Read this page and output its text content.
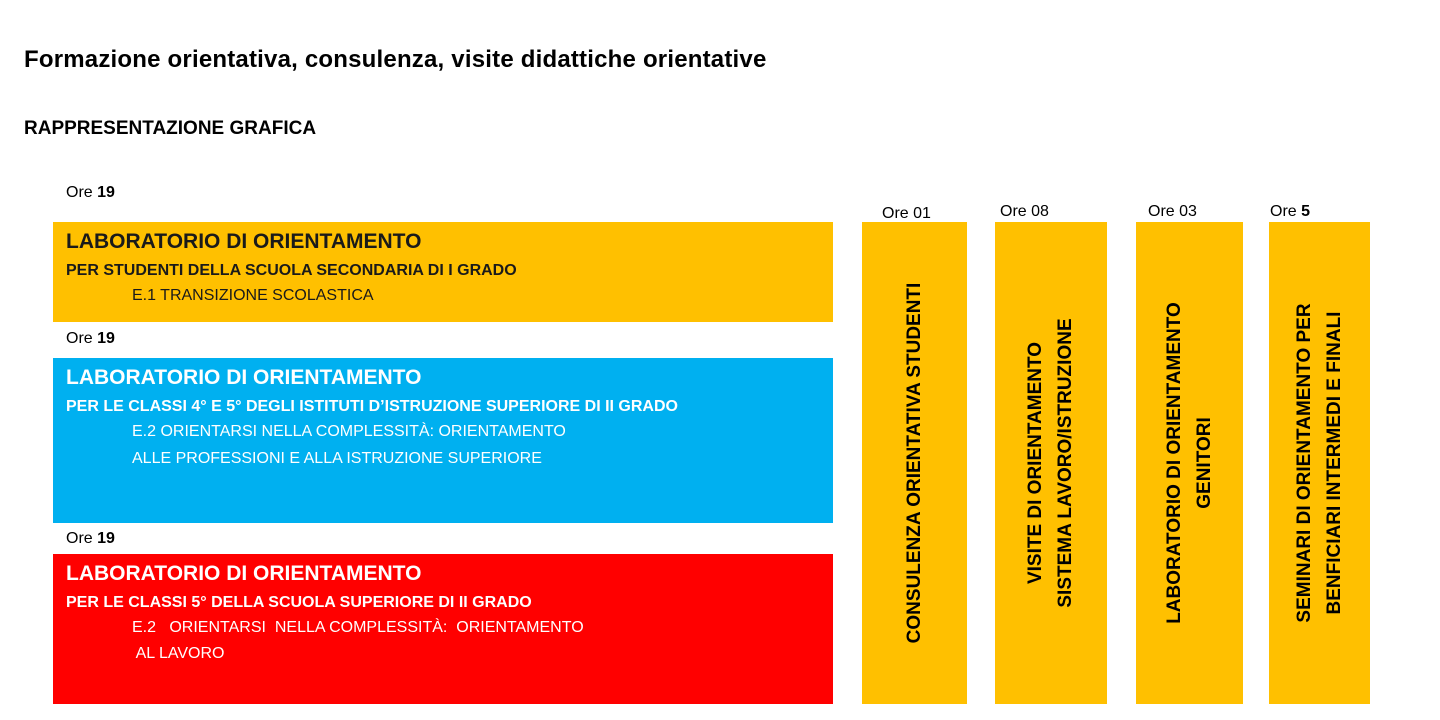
Formazione orientativa, consulenza, visite didattiche orientative
RAPPRESENTAZIONE GRAFICA
Ore 19
LABORATORIO DI ORIENTAMENTO
PER STUDENTI DELLA SCUOLA SECONDARIA DI I GRADO
E.1 TRANSIZIONE SCOLASTICA
Ore 19
LABORATORIO DI ORIENTAMENTO
PER LE CLASSI 4° E 5° DEGLI ISTITUTI D’ISTRUZIONE SUPERIORE DI II GRADO
E.2 ORIENTARSI NELLA COMPLESSITÀ: ORIENTAMENTO
ALLE PROFESSIONI E ALLA ISTRUZIONE SUPERIORE
Ore 19
LABORATORIO DI ORIENTAMENTO
PER LE CLASSI 5° DELLA SCUOLA SUPERIORE DI II GRADO
E.2   ORIENTARSI  NELLA COMPLESSITÀ:  ORIENTAMENTO
AL LAVORO
Ore 01
CONSULENZA ORIENTATIVA STUDENTI
Ore 08
VISITE DI ORIENTAMENTO SISTEMA LAVORO/ISTRUZIONE
Ore 03
LABORATORIO DI ORIENTAMENTO GENITORI
Ore 5
SEMINARI DI ORIENTAMENTO PER BENFICIARI INTERMEDI E FINALI
